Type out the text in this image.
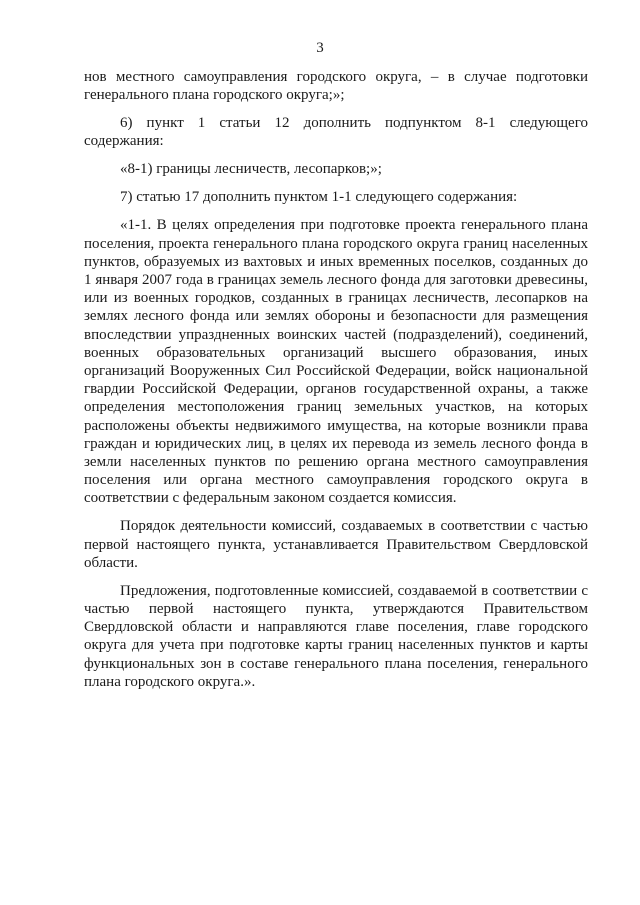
3

нов местного самоуправления городского округа, – в случае подготовки генерального плана городского округа;»;

6) пункт 1 статьи 12 дополнить подпунктом 8-1 следующего содержания:

«8-1) границы лесничеств, лесопарков;»;

7) статью 17 дополнить пунктом 1-1 следующего содержания:

«1-1. В целях определения при подготовке проекта генерального плана поселения, проекта генерального плана городского округа границ населенных пунктов, образуемых из вахтовых и иных временных поселков, созданных до 1 января 2007 года в границах земель лесного фонда для заготовки древесины, или из военных городков, созданных в границах лесничеств, лесопарков на землях лесного фонда или землях обороны и безопасности для размещения впоследствии упраздненных воинских частей (подразделений), соединений, военных образовательных организаций высшего образования, иных организаций Вооруженных Сил Российской Федерации, войск национальной гвардии Российской Федерации, органов государственной охраны, а также определения местоположения границ земельных участков, на которых расположены объекты недвижимого имущества, на которые возникли права граждан и юридических лиц, в целях их перевода из земель лесного фонда в земли населенных пунктов по решению органа местного самоуправления поселения или органа местного самоуправления городского округа в соответствии с федеральным законом создается комиссия.

Порядок деятельности комиссий, создаваемых в соответствии с частью первой настоящего пункта, устанавливается Правительством Свердловской области.

Предложения, подготовленные комиссией, создаваемой в соответствии с частью первой настоящего пункта, утверждаются Правительством Свердловской области и направляются главе поселения, главе городского округа для учета при подготовке карты границ населенных пунктов и карты функциональных зон в составе генерального плана поселения, генерального плана городского округа.».
